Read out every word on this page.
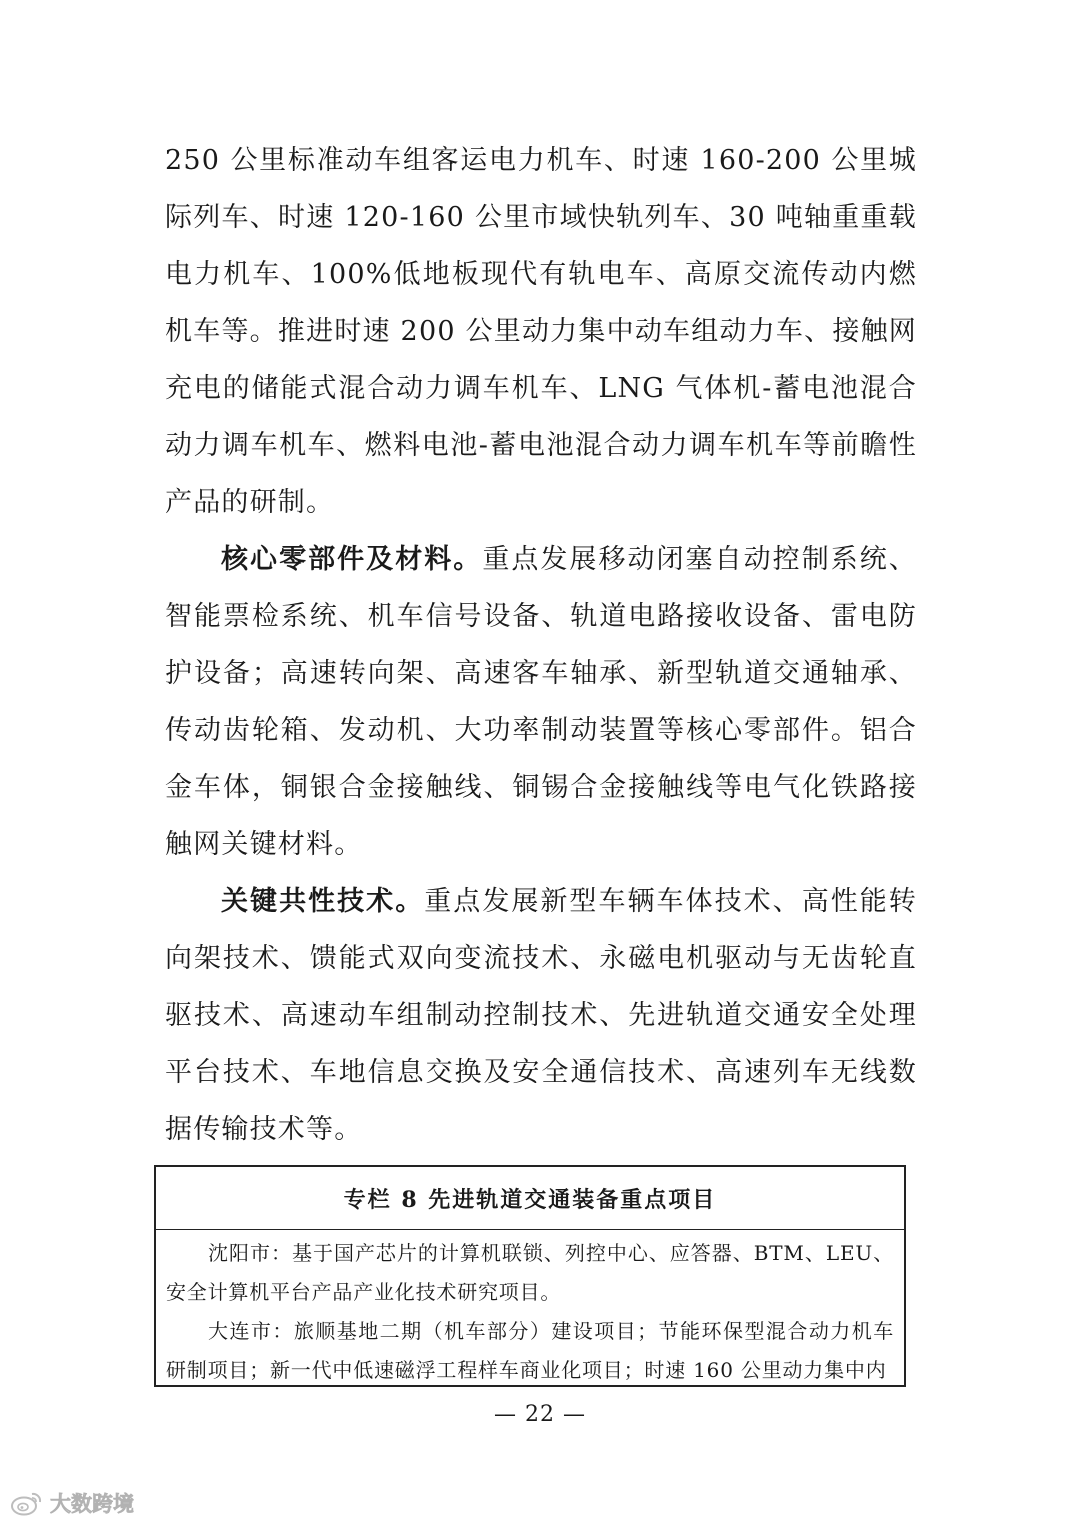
250 公里标准动车组客运电力机车、时速 160-200 公里城际列车、时速 120-160 公里市域快轨列车、30 吨轴重重载电力机车、100%低地板现代有轨电车、高原交流传动内燃机车等。推进时速 200 公里动力集中动车组动力车、接触网充电的储能式混合动力调车机车、LNG 气体机-蓄电池混合动力调车机车、燃料电池-蓄电池混合动力调车机车等前瞻性产品的研制。

核心零部件及材料。重点发展移动闭塞自动控制系统、智能票检系统、机车信号设备、轨道电路接收设备、雷电防护设备；高速转向架、高速客车轴承、新型轨道交通轴承、传动齿轮箱、发动机、大功率制动装置等核心零部件。铝合金车体，铜银合金接触线、铜锡合金接触线等电气化铁路接触网关键材料。

关键共性技术。重点发展新型车辆车体技术、高性能转向架技术、馈能式双向变流技术、永磁电机驱动与无齿轮直驱技术、高速动车组制动控制技术、先进轨道交通安全处理平台技术、车地信息交换及安全通信技术、高速列车无线数据传输技术等。

专栏 8 先进轨道交通装备重点项目

沈阳市：基于国产芯片的计算机联锁、列控中心、应答器、BTM、LEU、安全计算机平台产品产业化技术研究项目。

大连市：旅顺基地二期（机车部分）建设项目；节能环保型混合动力机车研制项目；新一代中低速磁浮工程样车商业化项目；时速 160 公里动力集中内

— 22 —
大数跨境
